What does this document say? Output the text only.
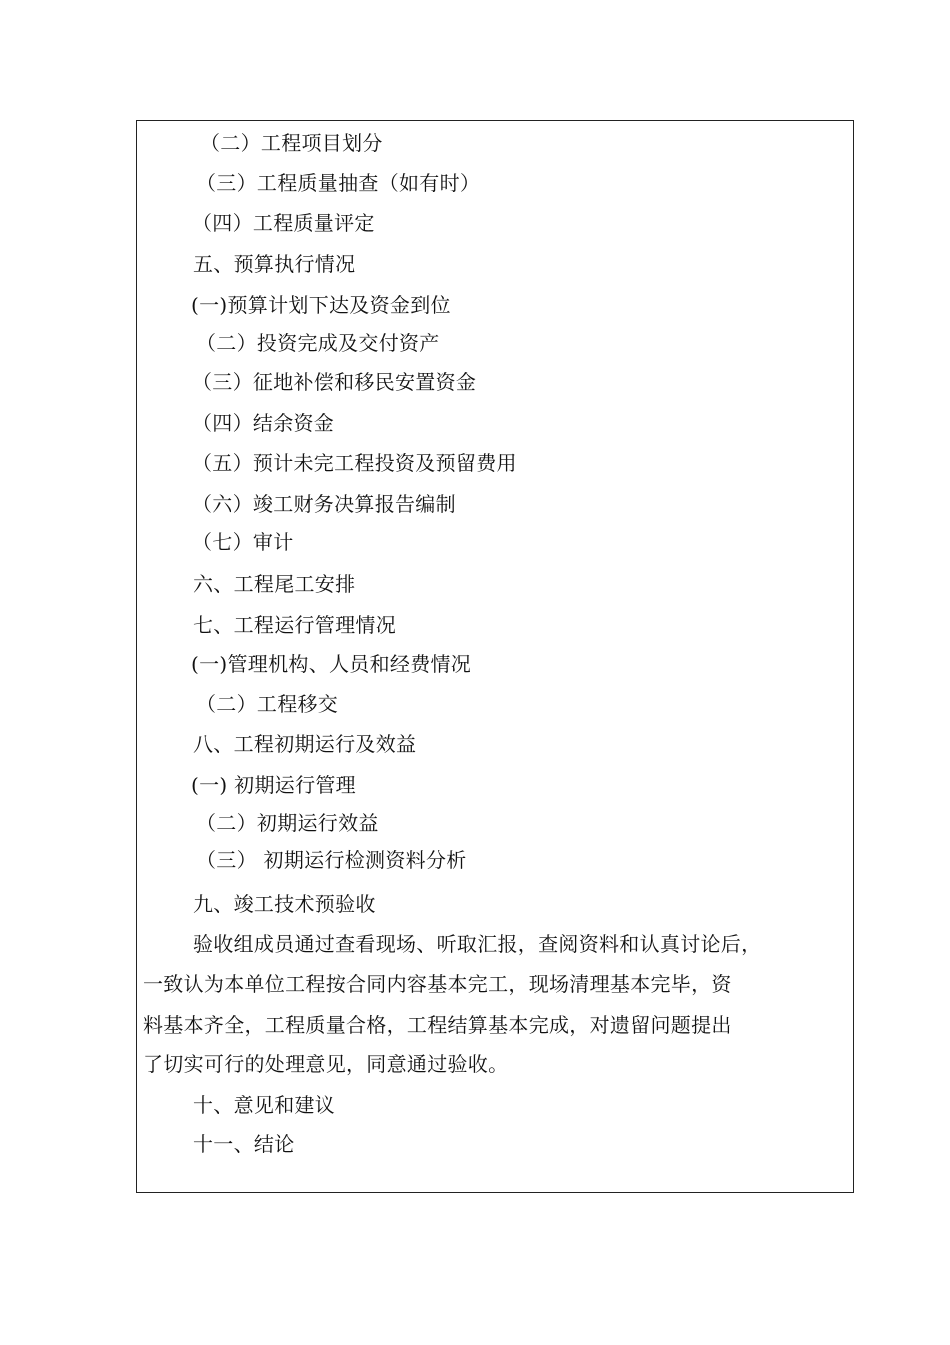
（二）工程项目划分
（三）工程质量抽查（如有时）
（四）工程质量评定
五、预算执行情况
(一)预算计划下达及资金到位
（二）投资完成及交付资产
（三）征地补偿和移民安置资金
（四）结余资金
（五）预计未完工程投资及预留费用
（六）竣工财务决算报告编制
（七）审计
六、工程尾工安排
七、工程运行管理情况
(一)管理机构、人员和经费情况
（二）工程移交
八、工程初期运行及效益
(一) 初期运行管理
（二）初期运行效益
（三） 初期运行检测资料分析
九、竣工技术预验收
验收组成员通过查看现场、听取汇报，查阅资料和认真讨论后，
一致认为本单位工程按合同内容基本完工，现场清理基本完毕，资
料基本齐全，工程质量合格，工程结算基本完成，对遗留问题提出
了切实可行的处理意见，同意通过验收。
十、意见和建议
十一、结论
